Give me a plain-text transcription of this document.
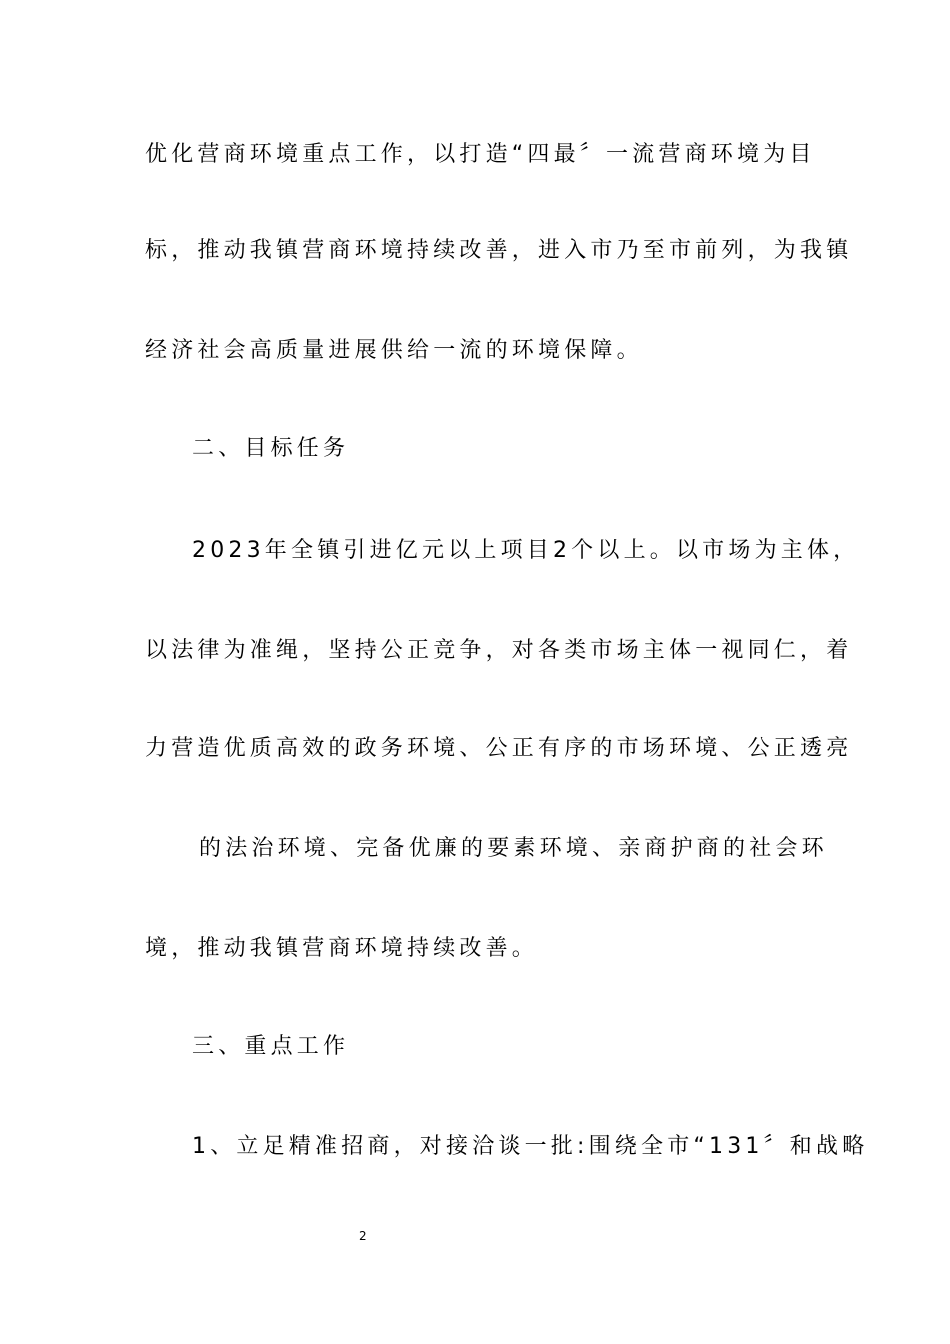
优化营商环境重点工作，以打造“四最〞一流营商环境为目
标，推动我镇营商环境持续改善，进入市乃至市前列，为我镇
经济社会高质量进展供给一流的环境保障。
二、目标任务
2023年全镇引进亿元以上项目2个以上。以市场为主体，
以法律为准绳，坚持公正竞争，对各类市场主体一视同仁，着
力营造优质高效的政务环境、公正有序的市场环境、公正透亮
的法治环境、完备优廉的要素环境、亲商护商的社会环
境，推动我镇营商环境持续改善。
三、重点工作
1、立足精准招商，对接洽谈一批:围绕全市“131〞和战略
2
